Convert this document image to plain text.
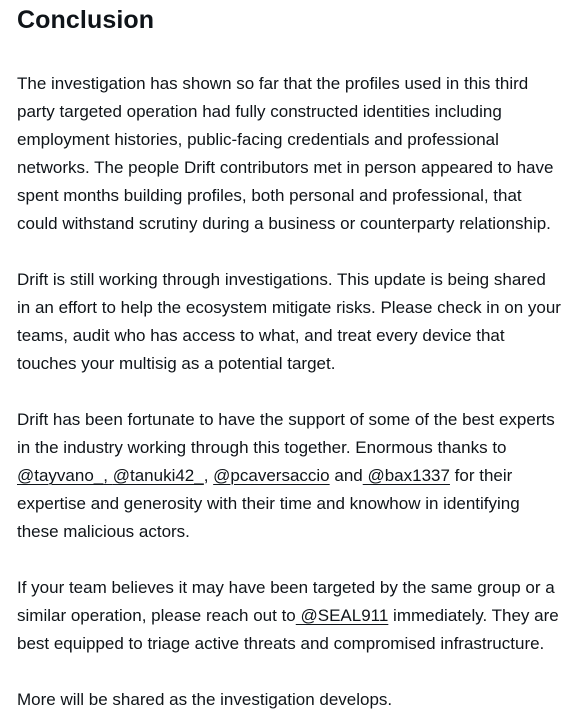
Conclusion

The investigation has shown so far that the profiles used in this third
party targeted operation had fully constructed identities including
employment histories, public-facing credentials and professional
networks. The people Drift contributors met in person appeared to have
spent months building profiles, both personal and professional, that
could withstand scrutiny during a business or counterparty relationship.

Drift is still working through investigations. This update is being shared
in an effort to help the ecosystem mitigate risks. Please check in on your
teams, audit who has access to what, and treat every device that
touches your multisig as a potential target.

Drift has been fortunate to have the support of some of the best experts
in the industry working through this together. Enormous thanks to
@tayvano_, @tanuki42_, @pcaversaccio and @bax1337 for their
expertise and generosity with their time and knowhow in identifying
these malicious actors.

If your team believes it may have been targeted by the same group or a
similar operation, please reach out to @SEAL911 immediately. They are
best equipped to triage active threats and compromised infrastructure.

More will be shared as the investigation develops.
